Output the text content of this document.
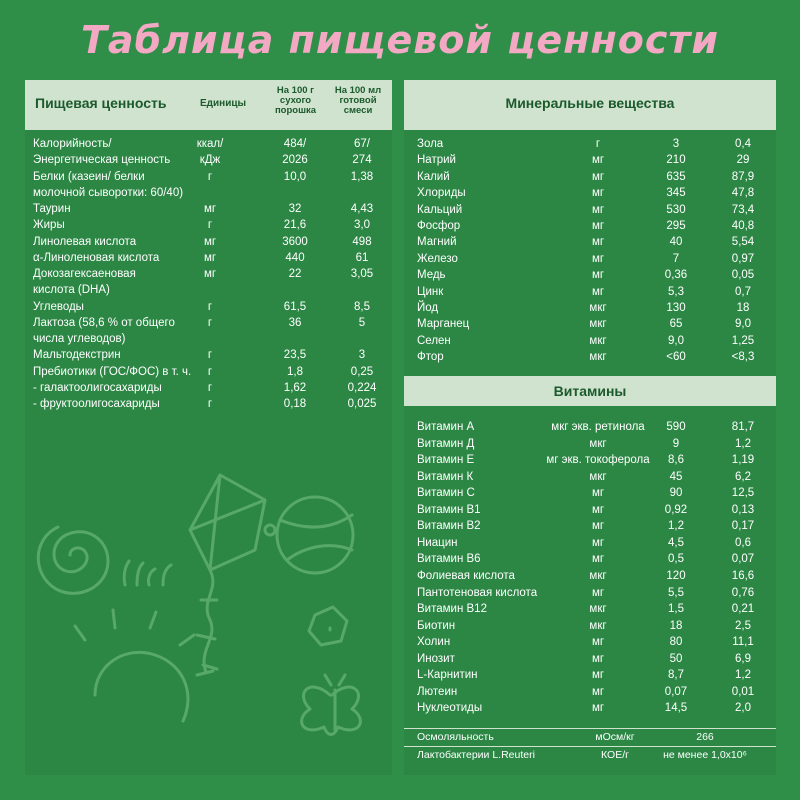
Таблица пищевой ценности
Пищевая ценность	Единицы
На 100 г
сухого
порошка
На 100 мл
готовой
смеси	Минеральные вещества
Витамины
Калорийность/	ккал/	484/	67/
Энергетическая ценность	кДж	2026	274
Белки (казеин/ белки	г	10,0	1,38
молочной сыворотки: 60/40)
Таурин	мг	32	4,43
Жиры	г	21,6	3,0
Линолевая кислота	мг	3600	498
α-Линоленовая кислота	мг	440	61
Докозагексаеновая	мг	22	3,05
кислота (DHA)
Углеводы	г	61,5	8,5
Лактоза (58,6 % от общего	г	36	5
числа углеводов)
Мальтодекстрин	г	23,5	3
Пребиотики (ГОС/ФОС) в т. ч.	г	1,8	0,25
- галактоолигосахариды	г	1,62	0,224
- фруктоолигосахариды	г	0,18	0,025
Зола	г	3	0,4
Натрий	мг	210	29
Калий	мг	635	87,9
Хлориды	мг	345	47,8
Кальций	мг	530	73,4
Фосфор	мг	295	40,8
Магний	мг	40	5,54
Железо	мг	7	0,97
Медь	мг	0,36	0,05
Цинк	мг	5,3	0,7
Йод	мкг	130	18
Марганец	мкг	65	9,0
Селен	мкг	9,0	1,25
Фтор	мкг	<60	<8,3
Витамин А	мкг экв. ретинола	590	81,7
Витамин Д	мкг	9	1,2
Витамин Е	мг экв. токоферола	8,6	1,19
Витамин К	мкг	45	6,2
Витамин С	мг	90	12,5
Витамин В1	мг	0,92	0,13
Витамин В2	мг	1,2	0,17
Ниацин	мг	4,5	0,6
Витамин В6	мг	0,5	0,07
Фолиевая кислота	мкг	120	16,6
Пантотеновая кислота	мг	5,5	0,76
Витамин В12	мкг	1,5	0,21
Биотин	мкг	18	2,5
Холин	мг	80	11,1
Инозит	мг	50	6,9
L-Карнитин	мг	8,7	1,2
Лютеин	мг	0,07	0,01
Нуклеотиды	мг	14,5	2,0
Осмоляльность	мОсм/кг	266
Лактобактерии L.Reuteri	КОЕ/г	не менее 1,0x10⁶
